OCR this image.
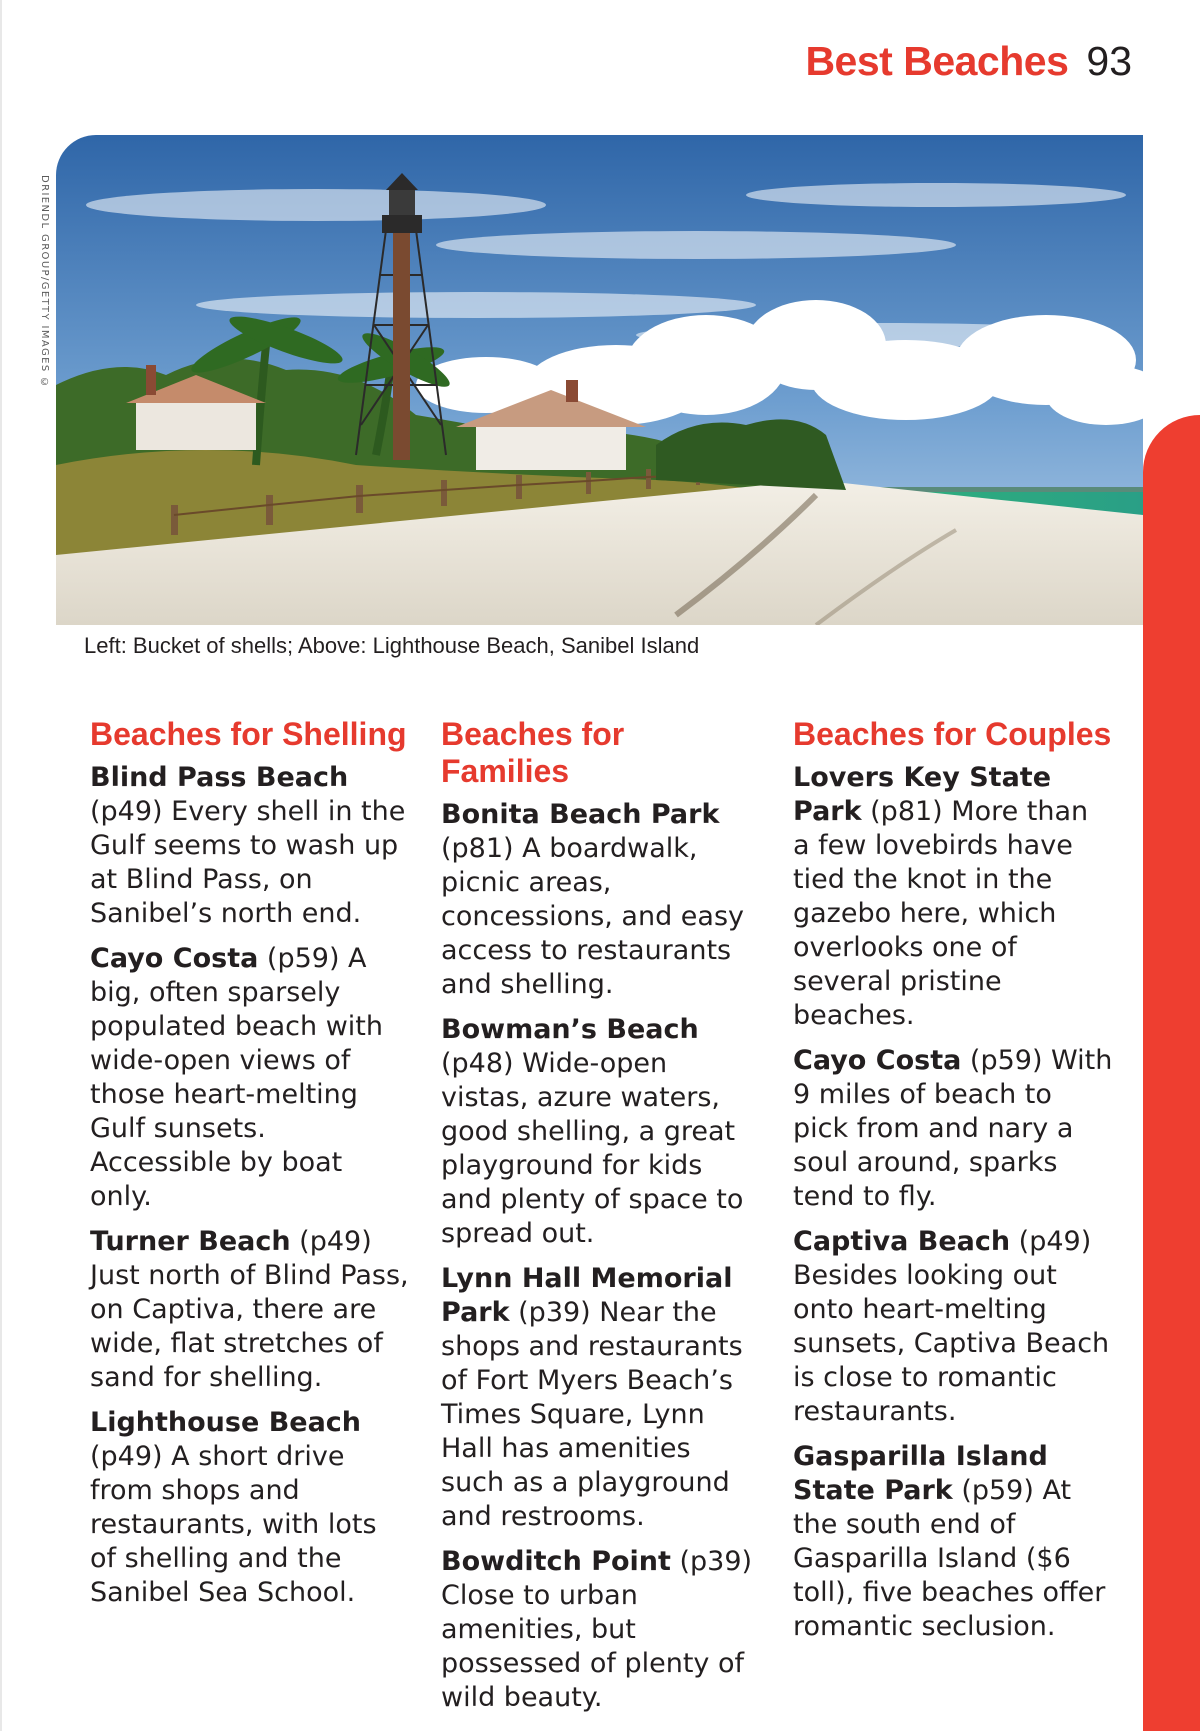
Best Beaches 93
DRIENDL GROUP/GETTY IMAGES ©
Left: Bucket of shells; Above: Lighthouse Beach, Sanibel Island
Beaches for Shelling

Blind Pass Beach (p49) Every shell in the Gulf seems to wash up at Blind Pass, on Sanibel’s north end.

Cayo Costa (p59) A big, often sparsely populated beach with wide-open views of those heart-melting Gulf sunsets. Accessible by boat only.

Turner Beach (p49) Just north of Blind Pass, on Captiva, there are wide, flat stretches of sand for shelling.

Lighthouse Beach (p49) A short drive from shops and restaurants, with lots of shelling and the Sanibel Sea School.

Beaches for Families

Bonita Beach Park (p81) A boardwalk, picnic areas, concessions, and easy access to restaurants and shelling.

Bowman’s Beach (p48) Wide-open vistas, azure waters, good shelling, a great playground for kids and plenty of space to spread out.

Lynn Hall Memorial Park (p39) Near the shops and restaurants of Fort Myers Beach’s Times Square, Lynn Hall has amenities such as a playground and restrooms.

Bowditch Point (p39) Close to urban amenities, but possessed of plenty of wild beauty.

Beaches for Couples

Lovers Key State Park (p81) More than a few lovebirds have tied the knot in the gazebo here, which overlooks one of several pristine beaches.

Cayo Costa (p59) With 9 miles of beach to pick from and nary a soul around, sparks tend to fly.

Captiva Beach (p49) Besides looking out onto heart-melting sunsets, Captiva Beach is close to romantic restaurants.

Gasparilla Island State Park (p59) At the south end of Gasparilla Island ($6 toll), five beaches offer romantic seclusion.
